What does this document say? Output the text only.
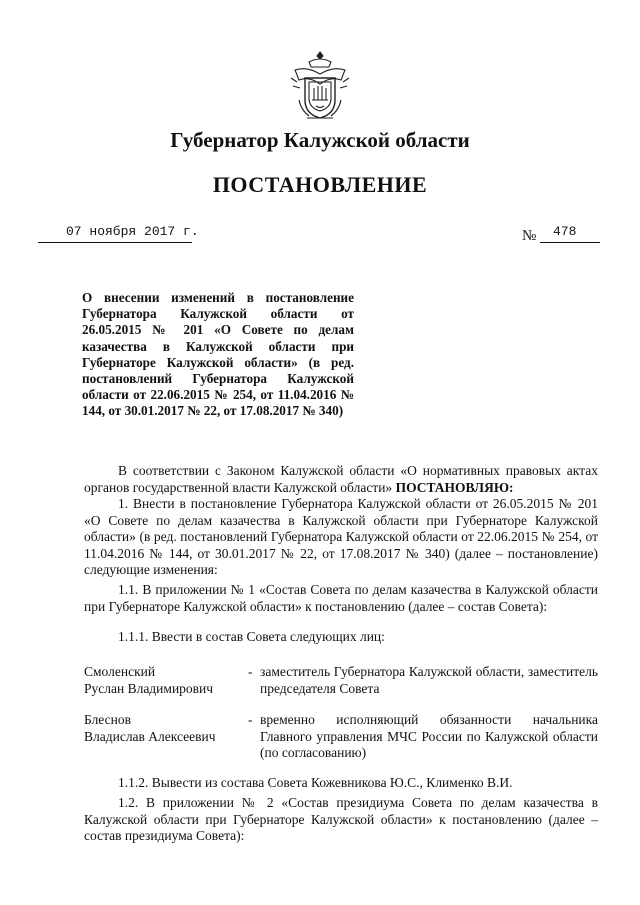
Губернатор Калужской области
ПОСТАНОВЛЕНИЕ
07 ноября 2017 г.	№ 478
О внесении изменений в постановление Губернатора Калужской области от 26.05.2015 № 201 «О Совете по делам казачества в Калужской области при Губернаторе Калужской области» (в ред. постановлений Губернатора Калужской области от 22.06.2015 № 254, от 11.04.2016 № 144, от 30.01.2017 № 22, от 17.08.2017 № 340)

В соответствии с Законом Калужской области «О нормативных правовых актах органов государственной власти Калужской области» ПОСТАНОВЛЯЮ:

1. Внести в постановление Губернатора Калужской области от 26.05.2015 № 201 «О Совете по делам казачества в Калужской области при Губернаторе Калужской области» (в ред. постановлений Губернатора Калужской области от 22.06.2015 № 254, от 11.04.2016 № 144, от 30.01.2017 № 22, от 17.08.2017 № 340) (далее – постановление) следующие изменения:

1.1. В приложении № 1 «Состав Совета по делам казачества в Калужской области при Губернаторе Калужской области» к постановлению (далее – состав Совета):

1.1.1. Ввести в состав Совета следующих лиц:

Смоленский
Руслан Владимирович
- заместитель Губернатора Калужской области, заместитель председателя Совета
Блеснов
Владислав Алексеевич
- временно исполняющий обязанности начальника Главного управления МЧС России по Калужской области (по согласованию)

1.1.2. Вывести из состава Совета Кожевникова Ю.С., Клименко В.И.

1.2. В приложении № 2 «Состав президиума Совета по делам казачества в Калужской области при Губернаторе Калужской области» к постановлению (далее – состав президиума Совета):
